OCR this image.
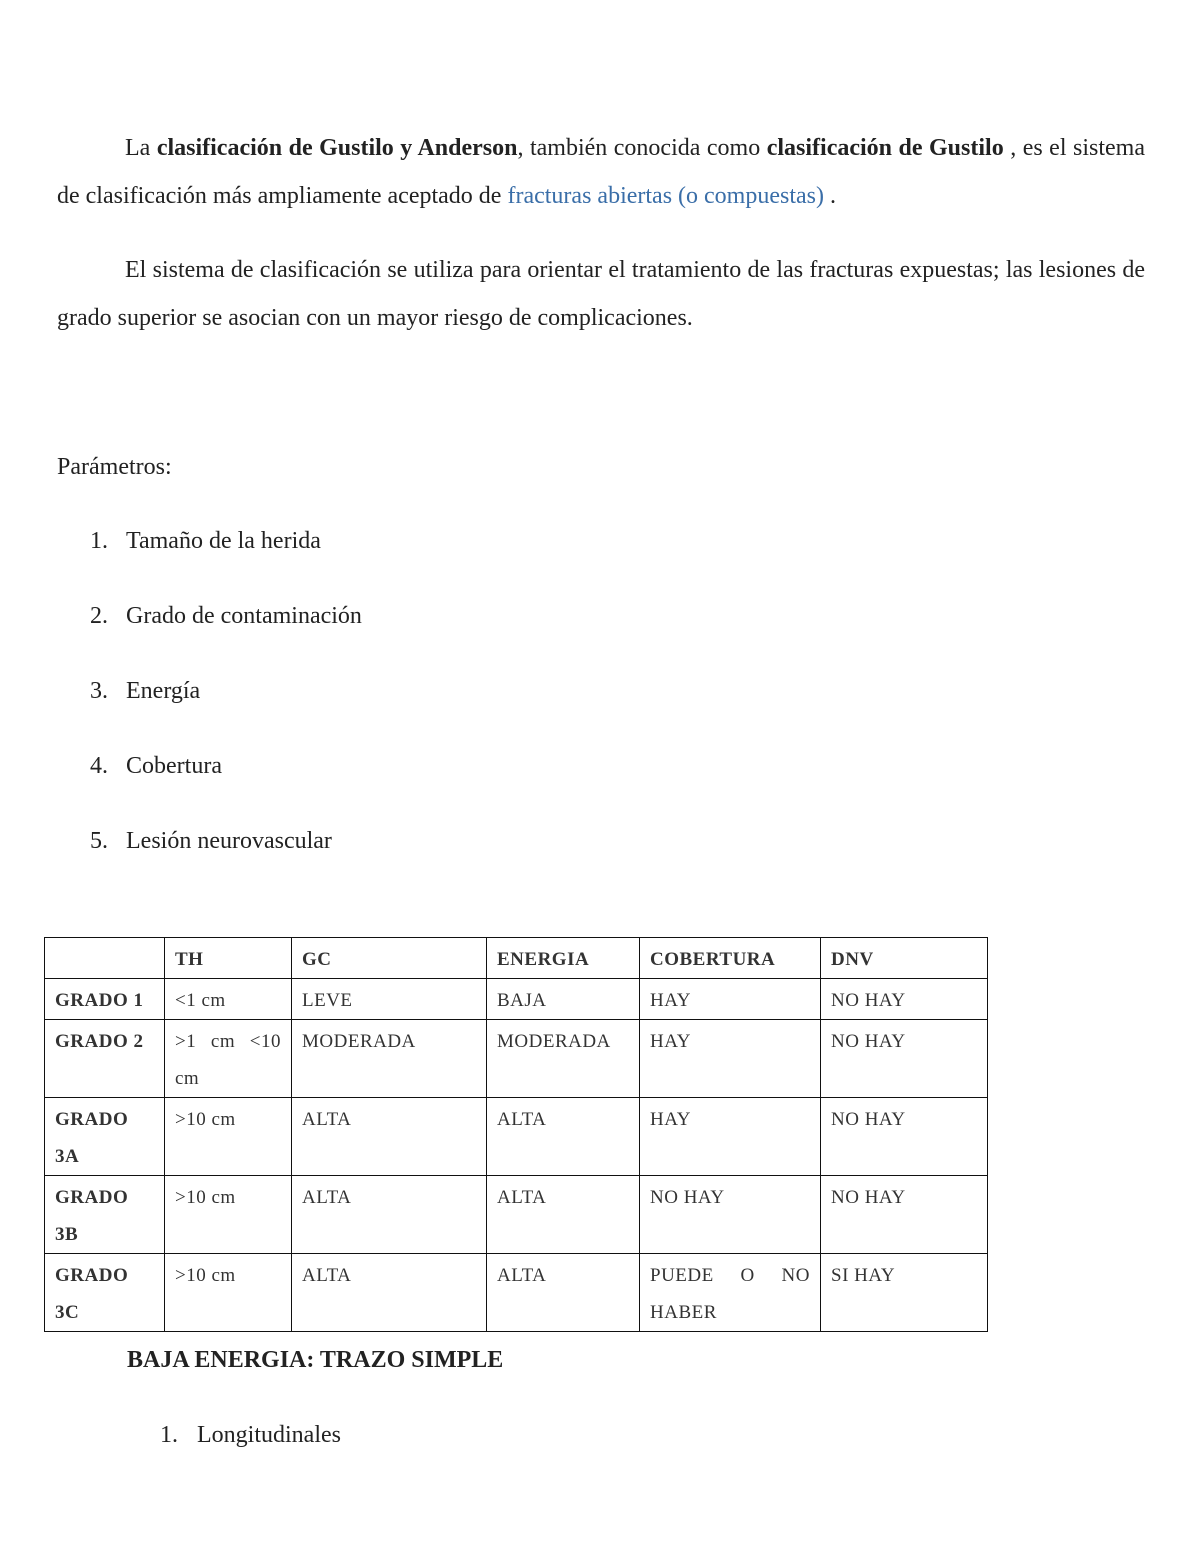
La clasificación de Gustilo y Anderson, también conocida como clasificación de Gustilo , es el sistema de clasificación más ampliamente aceptado de fracturas abiertas (o compuestas) .

El sistema de clasificación se utiliza para orientar el tratamiento de las fracturas expuestas; las lesiones de grado superior se asocian con un mayor riesgo de complicaciones.

Parámetros:

1. Tamaño de la herida
2. Grado de contaminación
3. Energía
4. Cobertura
5. Lesión neurovascular
	TH	GC	ENERGIA	COBERTURA	DNV
GRADO 1	<1 cm	LEVE	BAJA	HAY	NO HAY
GRADO 2	>1 cm <10 cm	MODERADA	MODERADA	HAY	NO HAY
GRADO 3A	>10 cm	ALTA	ALTA	HAY	NO HAY
GRADO 3B	>10 cm	ALTA	ALTA	NO HAY	NO HAY
GRADO 3C	>10 cm	ALTA	ALTA	PUEDE O NO HABER	SI HAY

BAJA ENERGIA: TRAZO SIMPLE

1. Longitudinales
